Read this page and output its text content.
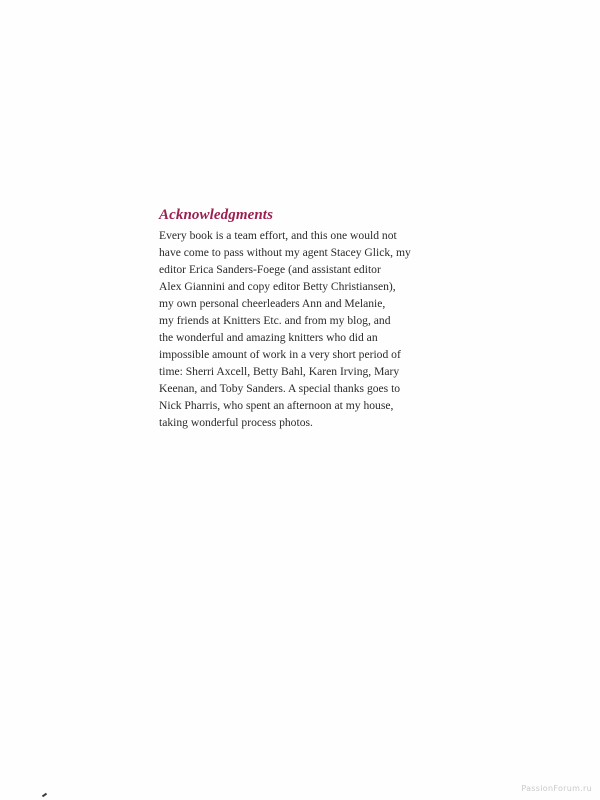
Acknowledgments
Every book is a team effort, and this one would not
have come to pass without my agent Stacey Glick, my
editor Erica Sanders-Foege (and assistant editor
Alex Giannini and copy editor Betty Christiansen),
my own personal cheerleaders Ann and Melanie,
my friends at Knitters Etc. and from my blog, and
the wonderful and amazing knitters who did an
impossible amount of work in a very short period of
time: Sherri Axcell, Betty Bahl, Karen Irving, Mary
Keenan, and Toby Sanders. A special thanks goes to
Nick Pharris, who spent an afternoon at my house,
taking wonderful process photos.
PassionForum.ru
